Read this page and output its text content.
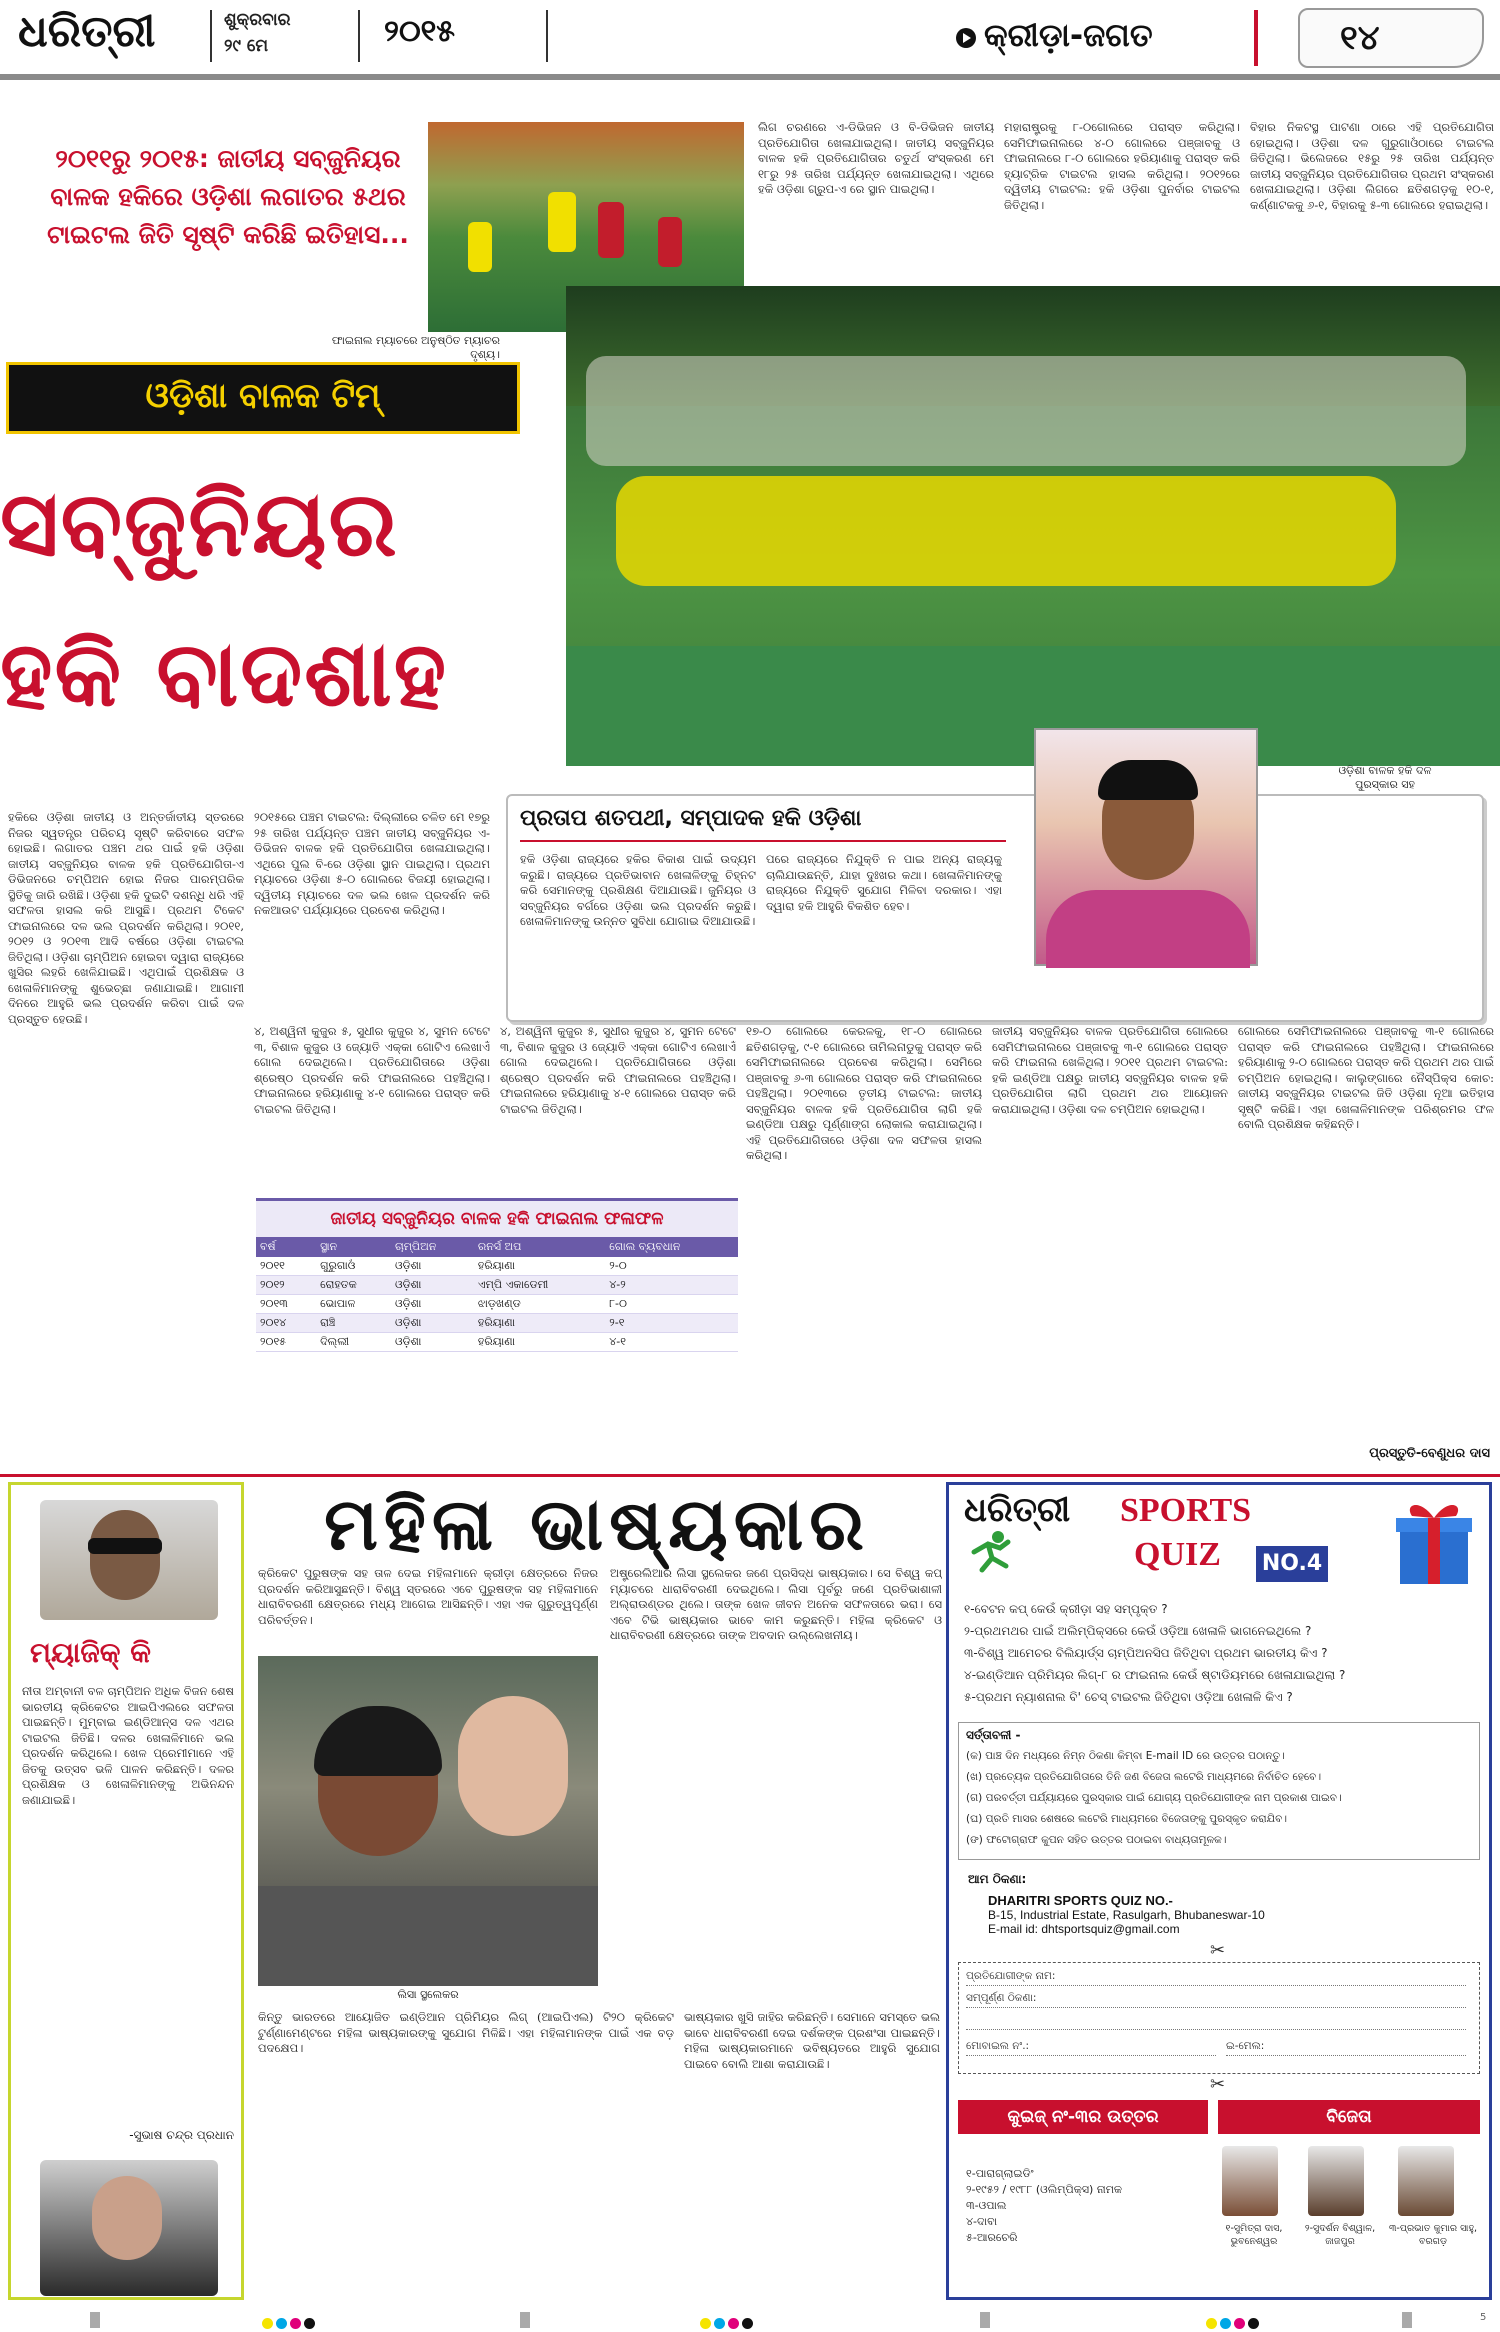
ଧରିତ୍ରୀ	ଶୁକ୍ରବାର
୨୯ ମେ	୨୦୧୫	କ୍ରୀଡ଼ା-ଜଗତ	୧୪
୨୦୧୧ରୁ ୨୦୧୫: ଜାତୀୟ ସବ୍‌ଜୁନିୟର ବାଳକ ହକିରେ ଓଡ଼ିଶା ଲଗାତର ୫ଥର ଟାଇଟଲ ଜିତି ସୃଷ୍ଟି କରିଛି ଇତିହାସ...
ଫାଇନାଲ ମ୍ୟାଚରେ ଅନୁଷ୍ଠିତ ମ୍ୟାଚର ଦୃଶ୍ୟ।
ଓଡ଼ିଶା ବାଳକ ଟିମ୍
ସବ୍‌ଜୁନିୟର
ହକି ବାଦଶାହ
ଓଡ଼ିଶା ବାଳକ ହକି ଦଳ ପୁରସ୍କାର ସହ
ହକିରେ ଓଡ଼ିଶା ଜାତୀୟ ଓ ଅନ୍ତର୍ଜାତୀୟ ସ୍ତରରେ ନିଜର ସ୍ୱତନ୍ତ୍ର ପରିଚୟ ସୃଷ୍ଟି କରିବାରେ ସଫଳ ହୋଇଛି। ଲଗାତର ପଞ୍ଚମ ଥର ପାଇଁ ହକି ଓଡ଼ିଶା ଜାତୀୟ ସବ୍‌ଜୁନିୟର ବାଳକ ହକି ପ୍ରତିଯୋଗିତା-ଏ ଡିଭିଜନରେ ଚମ୍ପିଅନ ହୋଇ ନିଜର ପାରମ୍ପରିକ ସ୍ଥିତିକୁ ଜାରି ରଖିଛି। ଓଡ଼ିଶା ହକି ଦୁଇଟି ଦଶନ୍ଧି ଧରି ଏହି ସଫଳତା ହାସଲ କରି ଆସୁଛି। ପ୍ରଥମ ଟିକେଟ ଫାଇନାଲରେ ଦଳ ଭଲ ପ୍ରଦର୍ଶନ କରିଥିଲା। ୨୦୧୧, ୨୦୧୨ ଓ ୨୦୧୩ ଆଦି ବର୍ଷରେ ଓଡ଼ିଶା ଟାଇଟଲ ଜିତିଥିଲା। ଓଡ଼ିଶା ଚାମ୍ପିଅନ ହୋଇବା ଦ୍ୱାରା ରାଜ୍ୟରେ ଖୁସିର ଲହରି ଖେଳିଯାଇଛି। ଏଥିପାଇଁ ପ୍ରଶିକ୍ଷକ ଓ ଖେଳାଳିମାନଙ୍କୁ ଶୁଭେଚ୍ଛା ଜଣାଯାଇଛି। ଆଗାମୀ ଦିନରେ ଆହୁରି ଭଲ ପ୍ରଦର୍ଶନ କରିବା ପାଇଁ ଦଳ ପ୍ରସ୍ତୁତ ହେଉଛି।
୨୦୧୫ରେ ପଞ୍ଚମ ଟାଇଟଲ: ଦିଲ୍ଲୀରେ ଚଳିତ ମେ ୧୭ରୁ ୨୫ ତାରିଖ ପର୍ଯ୍ୟନ୍ତ ପଞ୍ଚମ ଜାତୀୟ ସବ୍‌ଜୁନିୟର ଏ-ଡିଭିଜନ ବାଳକ ହକି ପ୍ରତିଯୋଗିତା ଖେଳାଯାଇଥିଲା। ଏଥିରେ ପୁଲ ବି-ରେ ଓଡ଼ିଶା ସ୍ଥାନ ପାଇଥିଲା। ପ୍ରଥମ ମ୍ୟାଚରେ ଓଡ଼ିଶା ୫-୦ ଗୋଲରେ ବିଜୟୀ ହୋଇଥିଲା। ଦ୍ୱିତୀୟ ମ୍ୟାଚରେ ଦଳ ଭଲ ଖେଳ ପ୍ରଦର୍ଶନ କରି ନକଆଉଟ ପର୍ଯ୍ୟାୟରେ ପ୍ରବେଶ କରିଥିଲା।
ଲିଗ ଚରଣରେ ଏ-ଡିଭିଜନ ଓ ବି-ଡିଭିଜନ ଜାତୀୟ ପ୍ରତିଯୋଗିତା ଖେଳାଯାଇଥିଲା। ଜାତୀୟ ସବ୍‌ଜୁନିୟର ବାଳକ ହକି ପ୍ରତିଯୋଗିତାର ଚତୁର୍ଥ ସଂସ୍କରଣ ମେ ୧୮ରୁ ୨୫ ତାରିଖ ପର୍ଯ୍ୟନ୍ତ ଖେଳାଯାଇଥିଲା। ଏଥିରେ ହକି ଓଡ଼ିଶା ଗ୍ରୁପ-ଏ ରେ ସ୍ଥାନ ପାଇଥିଲା।
ମହାରାଷ୍ଟ୍ରକୁ ୮-୦ଗୋଲରେ ପରାସ୍ତ କରିଥିଲା। ସେମିଫାଇନାଲରେ ୪-୦ ଗୋଲରେ ପଞ୍ଜାବକୁ ଓ ଫାଇନାଲରେ ୮-୦ ଗୋଲରେ ହରିୟାଣାକୁ ପରାସ୍ତ କରି ହ୍ୟାଟ୍ରିକ ଟାଇଟଲ ହାସଲ କରିଥିଲା। ୨୦୧୨ରେ ଦ୍ୱିତୀୟ ଟାଇଟଲ: ହକି ଓଡ଼ିଶା ପୁନର୍ବାର ଟାଇଟଲ ଜିତିଥିଲା।
ବିହାର ନିକଟସ୍ଥ ପାଟଣା ଠାରେ ଏହି ପ୍ରତିଯୋଗିତା ହୋଇଥିଲା। ଓଡ଼ିଶା ଦଳ ଗୁରୁଗାଓଁଠାରେ ଟାଇଟଲ ଜିତିଥିଲା। ଭିଲେଜରେ ୧୫ରୁ ୨୫ ତାରିଖ ପର୍ଯ୍ୟନ୍ତ ଜାତୀୟ ସବ୍‌ଜୁନିୟର ପ୍ରତିଯୋଗିତାର ପ୍ରଥମ ସଂସ୍କରଣ ଖେଳାଯାଇଥିଲା। ଓଡ଼ିଶା ଲିଗରେ ଛତିଶଗଡ଼କୁ ୧୦-୧, କର୍ଣ୍ଣାଟକକୁ ୬-୧, ବିହାରକୁ ୫-୩ ଗୋଲରେ ହରାଇଥିଲା।
ପ୍ରତାପ ଶତପଥୀ, ସମ୍ପାଦକ ହକି ଓଡ଼ିଶା
ହକି ଓଡ଼ିଶା ରାଜ୍ୟରେ ହକିର ବିକାଶ ପାଇଁ ଉଦ୍ୟମ କରୁଛି। ରାଜ୍ୟରେ ପ୍ରତିଭାବାନ ଖେଳାଳିଙ୍କୁ ଚିହ୍ନଟ କରି ସେମାନଙ୍କୁ ପ୍ରଶିକ୍ଷଣ ଦିଆଯାଉଛି। ଜୁନିୟର ଓ ସବ୍‌ଜୁନିୟର ବର୍ଗରେ ଓଡ଼ିଶା ଭଲ ପ୍ରଦର୍ଶନ କରୁଛି। ଖେଳାଳିମାନଙ୍କୁ ଉନ୍ନତ ସୁବିଧା ଯୋଗାଇ ଦିଆଯାଉଛି।
ପରେ ରାଜ୍ୟରେ ନିଯୁକ୍ତି ନ ପାଇ ଅନ୍ୟ ରାଜ୍ୟକୁ ଚାଲିଯାଉଛନ୍ତି, ଯାହା ଦୁଃଖର କଥା। ଖେଳାଳିମାନଙ୍କୁ ରାଜ୍ୟରେ ନିଯୁକ୍ତି ସୁଯୋଗ ମିଳିବା ଦରକାର। ଏହା ଦ୍ୱାରା ହକି ଆହୁରି ବିକଶିତ ହେବ।
୪, ଅଶ୍ୱିନୀ କୁଜୁର ୫, ସୁଧୀର କୁଜୁର ୪, ସୁମନ ଟେଟେ ୩, ବିଶାଳ କୁଜୁର ଓ ଜ୍ୟୋତି ଏକ୍କା ଗୋଟିଏ ଲେଖାଏଁ ଗୋଲ ଦେଇଥିଲେ। ପ୍ରତିଯୋଗିତାରେ ଓଡ଼ିଶା ଶ୍ରେଷ୍ଠ ପ୍ରଦର୍ଶନ କରି ଫାଇନାଲରେ ପହଞ୍ଚିଥିଲା। ଫାଇନାଲରେ ହରିୟାଣାକୁ ୪-୧ ଗୋଲରେ ପରାସ୍ତ କରି ଟାଇଟଲ ଜିତିଥିଲା।
୪, ଅଶ୍ୱିନୀ କୁଜୁର ୫, ସୁଧୀର କୁଜୁର ୪, ସୁମନ ଟେଟେ ୩, ବିଶାଳ କୁଜୁର ଓ ଜ୍ୟୋତି ଏକ୍କା ଗୋଟିଏ ଲେଖାଏଁ ଗୋଲ ଦେଇଥିଲେ। ପ୍ରତିଯୋଗିତାରେ ଓଡ଼ିଶା ଶ୍ରେଷ୍ଠ ପ୍ରଦର୍ଶନ କରି ଫାଇନାଲରେ ପହଞ୍ଚିଥିଲା। ଫାଇନାଲରେ ହରିୟାଣାକୁ ୪-୧ ଗୋଲରେ ପରାସ୍ତ କରି ଟାଇଟଲ ଜିତିଥିଲା।
୧୭-୦ ଗୋଲରେ କେରଳକୁ, ୧୮-୦ ଗୋଲରେ ଛତିଶଗଡ଼କୁ, ୯-୧ ଗୋଲରେ ତାମିଲନାଡୁକୁ ପରାସ୍ତ କରି ସେମିଫାଇନାଲରେ ପ୍ରବେଶ କରିଥିଲା। ସେମିରେ ପଞ୍ଜାବକୁ ୬-୩ ଗୋଲରେ ପରାସ୍ତ କରି ଫାଇନାଲରେ ପହଞ୍ଚିଥିଲା। ୨୦୧୩ରେ ତୃତୀୟ ଟାଇଟଲ: ଜାତୀୟ ସବ୍‌ଜୁନିୟର ବାଳକ ହକି ପ୍ରତିଯୋଗିତା ଲାଗି ହକି ଇଣ୍ଡିଆ ପକ୍ଷରୁ ପୂର୍ଣ୍ଣାଙ୍ଗ ଲୋକାଲ କରାଯାଇଥିଲା। ଏହି ପ୍ରତିଯୋଗିତାରେ ଓଡ଼ିଶା ଦଳ ସଫଳତା ହାସଲ କରିଥିଲା।
ଜାତୀୟ ସବ୍‌ଜୁନିୟର ବାଳକ ପ୍ରତିଯୋଗିତା ଗୋଲରେ ସେମିଫାଇନାଲରେ ପଞ୍ଜାବକୁ ୩-୧ ଗୋଲରେ ପରାସ୍ତ କରି ଫାଇନାଲ ଖେଳିଥିଲା। ୨୦୧୧ ପ୍ରଥମ ଟାଇଟଲ: ହକି ଇଣ୍ଡିଆ ପକ୍ଷରୁ ଜାତୀୟ ସବ୍‌ଜୁନିୟର ବାଳକ ହକି ପ୍ରତିଯୋଗିତା ଲାଗି ପ୍ରଥମ ଥର ଆୟୋଜନ କରାଯାଇଥିଲା। ଓଡ଼ିଶା ଦଳ ଚମ୍ପିଅନ ହୋଇଥିଲା।
ଗୋଲରେ ସେମିଫାଇନାଲରେ ପଞ୍ଜାବକୁ ୩-୧ ଗୋଲରେ ପରାସ୍ତ କରି ଫାଇନାଲରେ ପହଞ୍ଚିଥିଲା। ଫାଇନାଲରେ ହରିୟାଣାକୁ ୨-୦ ଗୋଲରେ ପରାସ୍ତ କରି ପ୍ରଥମ ଥର ପାଇଁ ଚମ୍ପିଅନ ହୋଇଥିଲା। କାଲୁଙ୍ଗାରେ ନୈସ୍ପିକ୍ସ କୋଚ: ଜାତୀୟ ସବ୍‌ଜୁନିୟର ଟାଇଟଲ ଜିତି ଓଡ଼ିଶା ନୂଆ ଇତିହାସ ସୃଷ୍ଟି କରିଛି। ଏହା ଖେଳାଳିମାନଙ୍କ ପରିଶ୍ରମର ଫଳ ବୋଲି ପ୍ରଶିକ୍ଷକ କହିଛନ୍ତି।
ପ୍ରସ୍ତୁତି-ବେଣୁଧର ଦାସ
ଜାତୀୟ ସବ୍‌ଜୁନିୟର ବାଳକ ହକି ଫାଇନାଲ ଫଳାଫଳ
ବର୍ଷ	ସ୍ଥାନ	ଚାମ୍ପିଅନ	ରନର୍ସ ଅପ	ଗୋଲ ବ୍ୟବଧାନ
୨୦୧୧	ଗୁରୁଗାଓଁ	ଓଡ଼ିଶା	ହରିୟାଣା	୨-୦
୨୦୧୨	ରୋହତକ	ଓଡ଼ିଶା	ଏମ୍‌ପି ଏକାଡେମୀ	୪-୨
୨୦୧୩	ଭୋପାଳ	ଓଡ଼ିଶା	ଝାଡ଼ଖଣ୍ଡ	୮-୦
୨୦୧୪	ରାଞ୍ଚି	ଓଡ଼ିଶା	ହରିୟାଣା	୨-୧
୨୦୧୫	ଦିଲ୍ଲୀ	ଓଡ଼ିଶା	ହରିୟାଣା	୪-୧
ମ୍ୟାଜିକ୍ କି
ନୀତା ଅମ୍ବାନୀ ବଳ ଚାମ୍ପିଅନ ଅଧିକ ବିଜନ ଶେଷ ଭାରତୀୟ କ୍ରିକେଟର ଆଇପିଏଲରେ ସଫଳତା ପାଇଛନ୍ତି। ମୁମ୍ବାଇ ଇଣ୍ଡିଆନ୍ସ ଦଳ ଏଥର ଟାଇଟଲ ଜିତିଛି। ଦଳର ଖେଳାଳିମାନେ ଭଲ ପ୍ରଦର୍ଶନ କରିଥିଲେ। ଖେଳ ପ୍ରେମୀମାନେ ଏହି ଜିତକୁ ଉତ୍ସବ ଭଳି ପାଳନ କରିଛନ୍ତି। ଦଳର ପ୍ରଶିକ୍ଷକ ଓ ଖେଳାଳିମାନଙ୍କୁ ଅଭିନନ୍ଦନ ଜଣାଯାଇଛି।
-ସୁଭାଷ ଚନ୍ଦ୍ର ପ୍ରଧାନ
ମହିଳା ଭାଷ୍ୟକାର
କ୍ରିକେଟ ପୁରୁଷଙ୍କ ସହ ତାଳ ଦେଇ ମହିଳାମାନେ କ୍ରୀଡ଼ା କ୍ଷେତ୍ରରେ ନିଜର ପ୍ରଦର୍ଶନ କରିଆସୁଛନ୍ତି। ବିଶ୍ୱ ସ୍ତରରେ ଏବେ ପୁରୁଷଙ୍କ ସହ ମହିଳାମାନେ ଧାରାବିବରଣୀ କ୍ଷେତ୍ରରେ ମଧ୍ୟ ଆଗେଇ ଆସିଛନ୍ତି। ଏହା ଏକ ଗୁରୁତ୍ୱପୂର୍ଣ୍ଣ ପରିବର୍ତ୍ତନ।
ଅଷ୍ଟ୍ରେଲିଆର ଲିସା ସ୍ଥଲେକର ଜଣେ ପ୍ରସିଦ୍ଧ ଭାଷ୍ୟକାର। ସେ ବିଶ୍ୱ କପ୍ ମ୍ୟାଚରେ ଧାରାବିବରଣୀ ଦେଇଥିଲେ। ଲିସା ପୂର୍ବରୁ ଜଣେ ପ୍ରତିଭାଶାଳୀ ଅଲ୍‌ରାଉଣ୍ଡର ଥିଲେ। ତାଙ୍କ ଖେଳ ଜୀବନ ଅନେକ ସଫଳତାରେ ଭରା। ସେ ଏବେ ଟିଭି ଭାଷ୍ୟକାର ଭାବେ କାମ କରୁଛନ୍ତି। ମହିଳା କ୍ରିକେଟ ଓ ଧାରାବିବରଣୀ କ୍ଷେତ୍ରରେ ତାଙ୍କ ଅବଦାନ ଉଲ୍ଲେଖନୀୟ।
ଲିସା ସ୍ଥଲେକର
କିନ୍ତୁ ଭାରତରେ ଆୟୋଜିତ ଇଣ୍ଡିଆନ ପ୍ରିମିୟର ଲିଗ୍ (ଆଇପିଏଲ) ଟି୨୦ କ୍ରିକେଟ ଟୁର୍ଣ୍ଣାମେଣ୍ଟରେ ମହିଳା ଭାଷ୍ୟକାରଙ୍କୁ ସୁଯୋଗ ମିଳିଛି। ଏହା ମହିଳାମାନଙ୍କ ପାଇଁ ଏକ ବଡ଼ ପଦକ୍ଷେପ।
ଭାଷ୍ୟକାର ଖୁସି ଜାହିର କରିଛନ୍ତି। ସେମାନେ ସମସ୍ତେ ଭଲ ଭାବେ ଧାରାବିବରଣୀ ଦେଇ ଦର୍ଶକଙ୍କ ପ୍ରଶଂସା ପାଇଛନ୍ତି। ମହିଳା ଭାଷ୍ୟକାରମାନେ ଭବିଷ୍ୟତରେ ଆହୁରି ସୁଯୋଗ ପାଇବେ ବୋଲି ଆଶା କରାଯାଉଛି।
ଧରିତ୍ରୀ SPORTS
QUIZ NO.4
୧-ବେଟନ କପ୍ କେଉଁ କ୍ରୀଡ଼ା ସହ ସମ୍ପୃକ୍ତ ?
୨-ପ୍ରଥମଥର ପାଇଁ ଅଲିମ୍ପିକ୍ସରେ କେଉଁ ଓଡ଼ିଆ ଖେଳାଳି ଭାଗନେଇଥିଲେ ?
୩-ବିଶ୍ୱ ଆମେଚର ବିଲିୟାର୍ଡ୍ସ ଚାମ୍ପିଅନସିପ ଜିତିଥିବା ପ୍ରଥମ ଭାରତୀୟ କିଏ ?
୪-ଇଣ୍ଡିଆନ ପ୍ରିମିୟର ଲିଗ୍-୮ ର ଫାଇନାଲ କେଉଁ ଷ୍ଟାଡିୟମରେ ଖେଳାଯାଇଥିଲା ?
୫-ପ୍ରଥମ ନ୍ୟାଶନାଲ ବି' ଚେସ୍ ଟାଇଟଲ ଜିତିଥିବା ଓଡ଼ିଆ ଖେଳାଳି କିଏ ?
ସର୍ତ୍ତାବଳୀ -
(କ) ପାଞ୍ଚ ଦିନ ମଧ୍ୟରେ ନିମ୍ନ ଠିକଣା କିମ୍ବା E-mail ID ରେ ଉତ୍ତର ପଠାନ୍ତୁ।
(ଖ) ପ୍ରତ୍ୟେକ ପ୍ରତିଯୋଗିତାରେ ତିନି ଜଣ ବିଜେତା ଲଟେରି ମାଧ୍ୟମରେ ନିର୍ବାଚିତ ହେବେ।
(ଗ) ପରବର୍ତ୍ତୀ ପର୍ଯ୍ୟାୟରେ ପୁରସ୍କାର ପାଇଁ ଯୋଗ୍ୟ ପ୍ରତିଯୋଗୀଙ୍କ ନାମ ପ୍ରକାଶ ପାଇବ।
(ଘ) ପ୍ରତି ମାସର ଶେଷରେ ଲଟେରି ମାଧ୍ୟମରେ ବିଜେତାଙ୍କୁ ପୁରସ୍କୃତ କରାଯିବ।
(ଙ) ଫଟୋଗ୍ରାଫ କୁପନ ସହିତ ଉତ୍ତର ପଠାଇବା ବାଧ୍ୟତାମୂଳକ।
ଆମ ଠିକଣା:
DHARITRI SPORTS QUIZ NO.-
B-15, Industrial Estate, Rasulgarh, Bhubaneswar-10
E-mail id: dhtsportsquiz@gmail.com
✂
ପ୍ରତିଯୋଗୀଙ୍କ ନାମ:
ସମ୍ପୂର୍ଣ୍ଣ ଠିକଣା:
ମୋବାଇଲ ନଂ.:	ଇ-ମେଲ:
✂
କୁଇଜ୍ ନଂ-୩ର ଉତ୍ତର	ବିଜେତା
୧-ପାରାଗ୍ଲାଇଡିଂ
୨-୧୯୫୨ / ୧୯୮୮ (ଓଲିମ୍ପିକ୍ସ) ନାମକ
୩-ଓପାଲ
୪-ଦାବା
୫-ଆରଚେରି
୧-ସୁମିତ୍ରା ଦାସ, ଭୁବନେଶ୍ୱର
୨-ସୁଦର୍ଶନ ବିଶ୍ୱାଳ, ଜାଜପୁର
୩-ପ୍ରଭାତ କୁମାର ସାହୁ, ବରଗଡ଼
5
